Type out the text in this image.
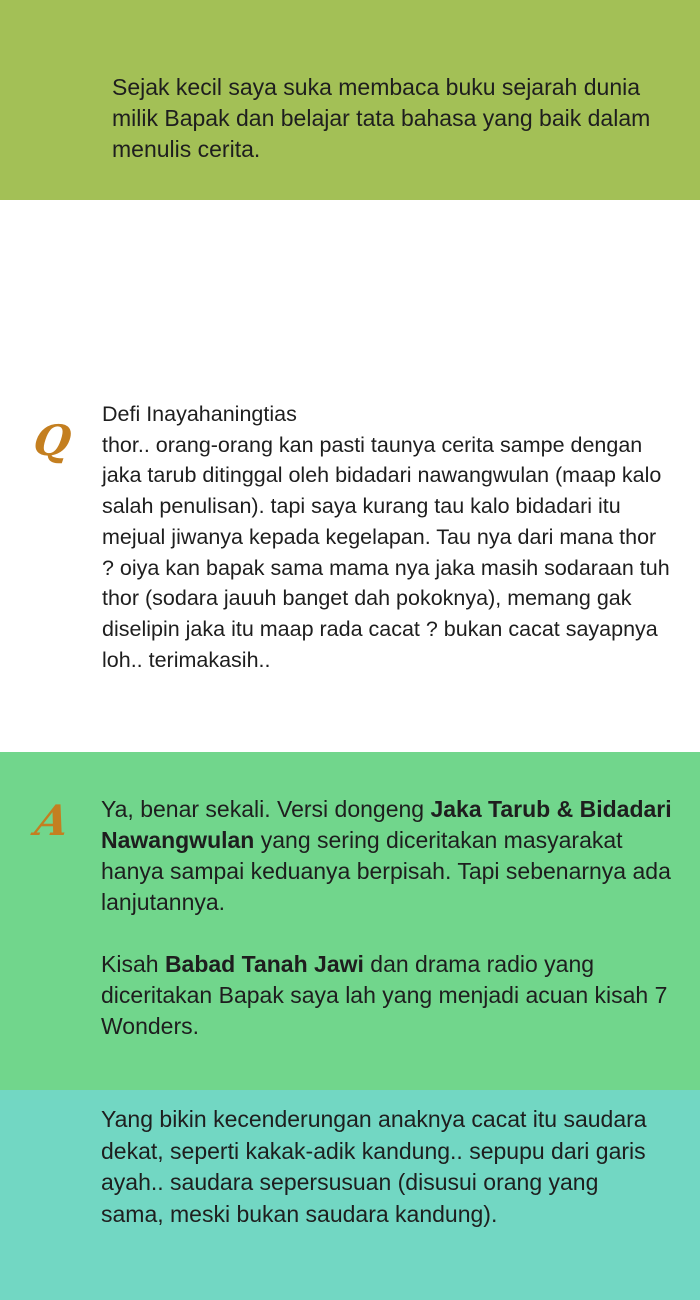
Sejak kecil saya suka membaca buku sejarah dunia milik Bapak dan belajar tata bahasa yang baik dalam menulis cerita.
Q
Defi Inayahaningtias
thor.. orang-orang kan pasti taunya cerita sampe dengan jaka tarub ditinggal oleh bidadari nawangwulan (maap kalo salah penulisan). tapi saya kurang tau kalo bidadari itu mejual jiwanya kepada kegelapan. Tau nya dari mana thor ? oiya kan bapak sama mama nya jaka masih sodaraan tuh thor (sodara jauuh banget dah pokoknya), memang gak diselipin jaka itu maap rada cacat ? bukan cacat sayapnya loh.. terimakasih..
A Ya, benar sekali. Versi dongeng Jaka Tarub & Bidadari Nawangwulan yang sering diceritakan masyarakat hanya sampai keduanya berpisah. Tapi sebenarnya ada lanjutannya.

Kisah Babad Tanah Jawi dan drama radio yang diceritakan Bapak saya lah yang menjadi acuan kisah 7 Wonders.

Yang bikin kecenderungan anaknya cacat itu saudara dekat, seperti kakak-adik kandung.. sepupu dari garis ayah.. saudara sepersusuan (disusui orang yang sama, meski bukan saudara kandung).
